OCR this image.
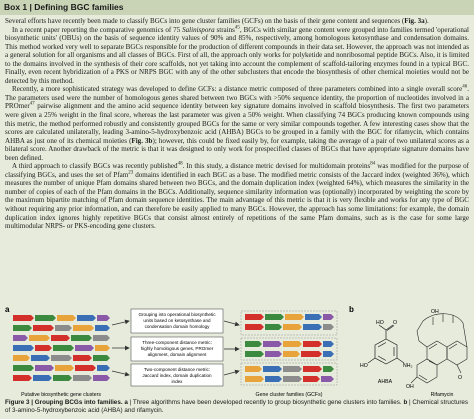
Box 1 | Defining BGC families

Several efforts have recently been made to classify BGCs into gene cluster families (GCFs) on the basis of their gene content and sequences (Fig. 3a).

In a recent paper reporting the comparative genomics of 75 Salinispora strains$^{45}$, BGCs with similar gene content were grouped into families termed 'operational biosynthetic units' (OBUs) on the basis of sequence identity values of 90% and 85%, respectively, among homologous ketosynthase and condensation domains. This method worked very well to separate BGCs responsible for the production of different compounds in their data set. However, the approach was not intended as a general solution for all organisms and all classes of BGCs. First of all, the approach only works for polyketide and nonribosomal peptide BGCs. Also, it is limited to the domains involved in the synthesis of their core scaffolds, not yet taking into account the complement of scaffold-tailoring enzymes found in a typical BGC. Finally, even recent hybridization of a PKS or NRPS BGC with any of the other subclusters that encode the biosynthesis of other chemical moieties would not be detected by this method.

Recently, a more sophisticated strategy was developed to define GCFs: a distance metric composed of three parameters combined into a single overall score$^{46}$. The parameters used were the number of homologous genes shared between two BGCs with >50% sequence identity, the proportion of nucleotides involved in a PROmer$^{47}$ pairwise alignment and the amino acid sequence identity between key signature domains involved in scaffold biosynthesis. The first two parameters were given a 25% weight in the final score, whereas the last parameter was given a 50% weight. When classifying 74 BGCs producing known compounds using this metric, the method performed robustly and consistently grouped BGCs for the same or very similar compounds together. A few interesting cases show that the scores are calculated unilaterally, leading 3-amino-5-hydroxybenzoic acid (AHBA) BGCs to be grouped in a family with the BGC for rifamycin, which contains AHBA as just one of its chemical moieties (Fig. 3b); however, this could be fixed easily by, for example, taking the average of a pair of two unilateral scores as a bilateral score. Another drawback of the metric is that it was designed to only work for prespecified classes of BGCs that have appropriate signature domains have been defined.

A third approach to classify BGCs was recently published$^{48}$. In this study, a distance metric devised for multidomain proteins$^{84}$ was modified for the purpose of classifying BGCs, and uses the set of Pfam$^{23}$ domains identified in each BGC as a base. The modified metric consists of the Jaccard index (weighted 36%), which measures the number of unique Pfam domains shared between two BGCs, and the domain duplication index (weighted 64%), which measures the similarity in the number of copies of each of the Pfam domains in the BGCs. Additionally, sequence similarity information was (optionally) incorporated by weighting the score by the maximum bipartite matching of Pfam domain sequence identities. The main advantage of this metric is that it is very flexible and works for any type of BGC without requiring any prior information, and can therefore be easily applied to many BGCs. However, the approach has some limitations: for example, the domain duplication index ignores highly repetitive BGCs that consist almost entirely of repetitions of the same Pfam domains, such as is the case for some large multimodular NRPS- or PKS-encoding gene clusters.

a	b
Grouping into operational biosynthetic
units based on ketosynthase and
condensation domain homology
Three-component distance metric:
highly homologous genes, PROmer
alignment, domain alignment
Two-component distance metric:
Jaccard index, domain duplication
index
Putative biosynthetic gene clusters	Gene cluster families (GCFs)
HO O
NH₂
HO
AHBA
OH
O
OH
Rifamycin
Figure 3 | Grouping BCGs into families. a | Three algorithms have been developed recently to group biosynthetic gene clusters into families. b | Chemical structures of 3-amino-5-hydroxybenzoic acid (AHBA) and rifamycin.
